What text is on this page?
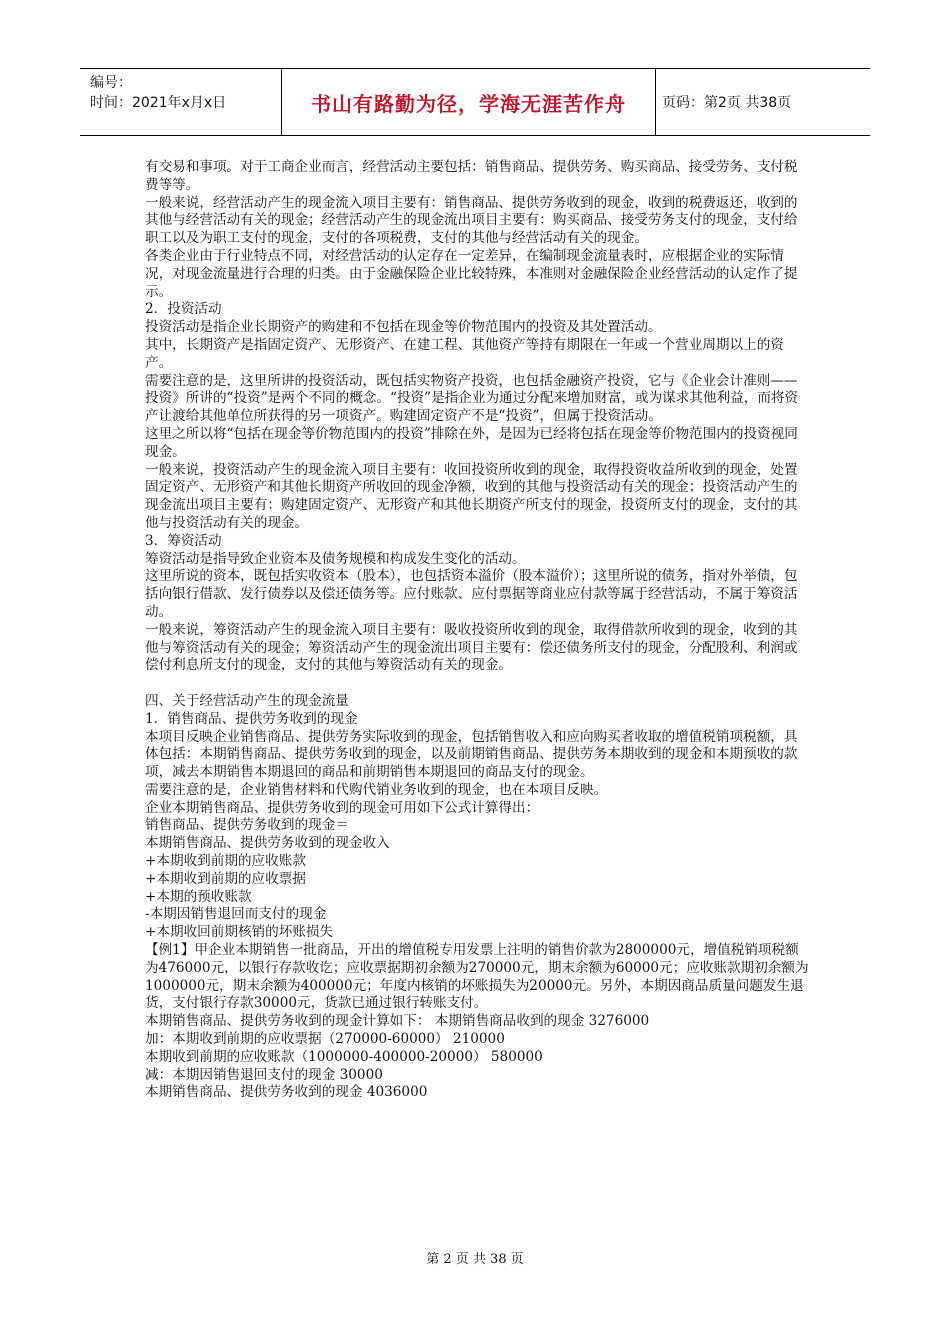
编号：
时间：2021年x月x日	书山有路勤为径，学海无涯苦作舟	页码：第2页 共38页

有交易和事项。对于工商企业而言，经营活动主要包括：销售商品、提供劳务、购买商品、接受劳务、支付税费等等。

一般来说，经营活动产生的现金流入项目主要有：销售商品、提供劳务收到的现金，收到的税费返还，收到的其他与经营活动有关的现金；经营活动产生的现金流出项目主要有：购买商品、接受劳务支付的现金，支付给职工以及为职工支付的现金，支付的各项税费，支付的其他与经营活动有关的现金。

各类企业由于行业特点不同，对经营活动的认定存在一定差异，在编制现金流量表时，应根据企业的实际情况，对现金流量进行合理的归类。由于金融保险企业比较特殊，本准则对金融保险企业经营活动的认定作了提示。

2．投资活动

投资活动是指企业长期资产的购建和不包括在现金等价物范围内的投资及其处置活动。

其中，长期资产是指固定资产、无形资产、在建工程、其他资产等持有期限在一年或一个营业周期以上的资产。

需要注意的是，这里所讲的投资活动，既包括实物资产投资，也包括金融资产投资，它与《企业会计准则——投资》所讲的“投资”是两个不同的概念。“投资”是指企业为通过分配来增加财富，或为谋求其他利益，而将资产让渡给其他单位所获得的另一项资产。购建固定资产不是“投资”，但属于投资活动。

这里之所以将“包括在现金等价物范围内的投资”排除在外，是因为已经将包括在现金等价物范围内的投资视同现金。

一般来说，投资活动产生的现金流入项目主要有：收回投资所收到的现金，取得投资收益所收到的现金，处置固定资产、无形资产和其他长期资产所收回的现金净额，收到的其他与投资活动有关的现金；投资活动产生的现金流出项目主要有：购建固定资产、无形资产和其他长期资产所支付的现金，投资所支付的现金，支付的其他与投资活动有关的现金。

3．筹资活动

筹资活动是指导致企业资本及债务规模和构成发生变化的活动。

这里所说的资本，既包括实收资本（股本），也包括资本溢价（股本溢价）；这里所说的债务，指对外举债，包括向银行借款、发行债券以及偿还债务等。应付账款、应付票据等商业应付款等属于经营活动，不属于筹资活动。

一般来说，筹资活动产生的现金流入项目主要有：吸收投资所收到的现金，取得借款所收到的现金，收到的其他与筹资活动有关的现金；筹资活动产生的现金流出项目主要有：偿还债务所支付的现金，分配股利、利润或偿付利息所支付的现金，支付的其他与筹资活动有关的现金。

四、关于经营活动产生的现金流量

1．销售商品、提供劳务收到的现金

本项目反映企业销售商品、提供劳务实际收到的现金，包括销售收入和应向购买者收取的增值税销项税额，具体包括：本期销售商品、提供劳务收到的现金，以及前期销售商品、提供劳务本期收到的现金和本期预收的款项，减去本期销售本期退回的商品和前期销售本期退回的商品支付的现金。

需要注意的是，企业销售材料和代购代销业务收到的现金，也在本项目反映。

企业本期销售商品、提供劳务收到的现金可用如下公式计算得出：

销售商品、提供劳务收到的现金＝

本期销售商品、提供劳务收到的现金收入

+本期收到前期的应收账款

+本期收到前期的应收票据

+本期的预收账款

-本期因销售退回而支付的现金

+本期收回前期核销的坏账损失

【例1】甲企业本期销售一批商品，开出的增值税专用发票上注明的销售价款为2800000元，增值税销项税额为476000元，以银行存款收讫；应收票据期初余额为270000元，期末余额为60000元；应收账款期初余额为1000000元，期末余额为400000元；年度内核销的坏账损失为20000元。另外，本期因商品质量问题发生退货，支付银行存款30000元，货款已通过银行转账支付。

本期销售商品、提供劳务收到的现金计算如下： 本期销售商品收到的现金 3276000

加：本期收到前期的应收票据（270000-60000） 210000

本期收到前期的应收账款（1000000-400000-20000） 580000

减：本期因销售退回支付的现金 30000

本期销售商品、提供劳务收到的现金 4036000

第 2 页 共 38 页
